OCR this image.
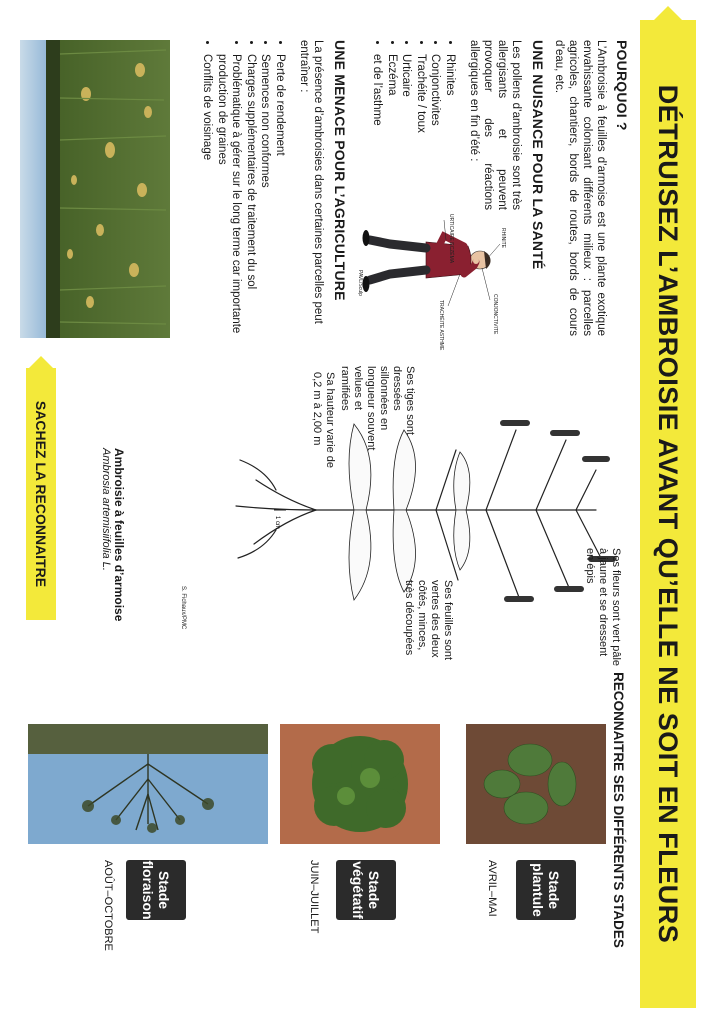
DÉTRUISEZ L’AMBROISIE AVANT QU’ELLE NE SOIT EN FLEURS
POURQUOI ?

L’Ambroisie à feuilles d’armoise est une plante exotique envahissante colonisant différents milieux : parcelles agricoles, chantiers, bords de routes, bords de cours d’eau, etc.

UNE NUISANCE POUR LA SANTÉ

Les pollens d’ambroisie sont très allergisants et peuvent provoquer des réactions allergiques en fin d’été :

• Rhinites
• Conjonctivites
• Trachéite / toux
• Urticaire
• Eczéma
• et de l’asthme
RHINITE
CONJONCTIVITE
URTICAIRE ECZÉMA
TRACHÉITE ASTHME
PAVL/Sculp
UNE MENACE POUR L’AGRICULTURE

La présence d’ambroisies dans certaines parcelles peut entraîner :

• Perte de rendement
• Semences non conformes
• Charges supplémentaires de traitement du sol
• Problématique à gérer sur le long terme car importante production de graines
• Conflits de voisinage
1 cm
Ses fleurs sont vert pâle à jaune et se dressent en épis
Ses tiges sont dressées sillonnées en longueur souvent velues et ramifiées
Sa hauteur varie de 0,2 m à 2,00 m
Ses feuilles sont vertes des deux côtés, minces, très découpées
Ambroisie à feuilles d’armoise
Ambrosia artemisiifolia L.
S. Fichaux/PMC
SACHEZ LA RECONNAITRE
RECONNAITRE SES DIFFÉRENTS STADES
Stade
plantule
AVRIL–MAI
Stade
végétatif
JUIN–JUILLET
Stade
floraison
AOÛT–OCTOBRE
